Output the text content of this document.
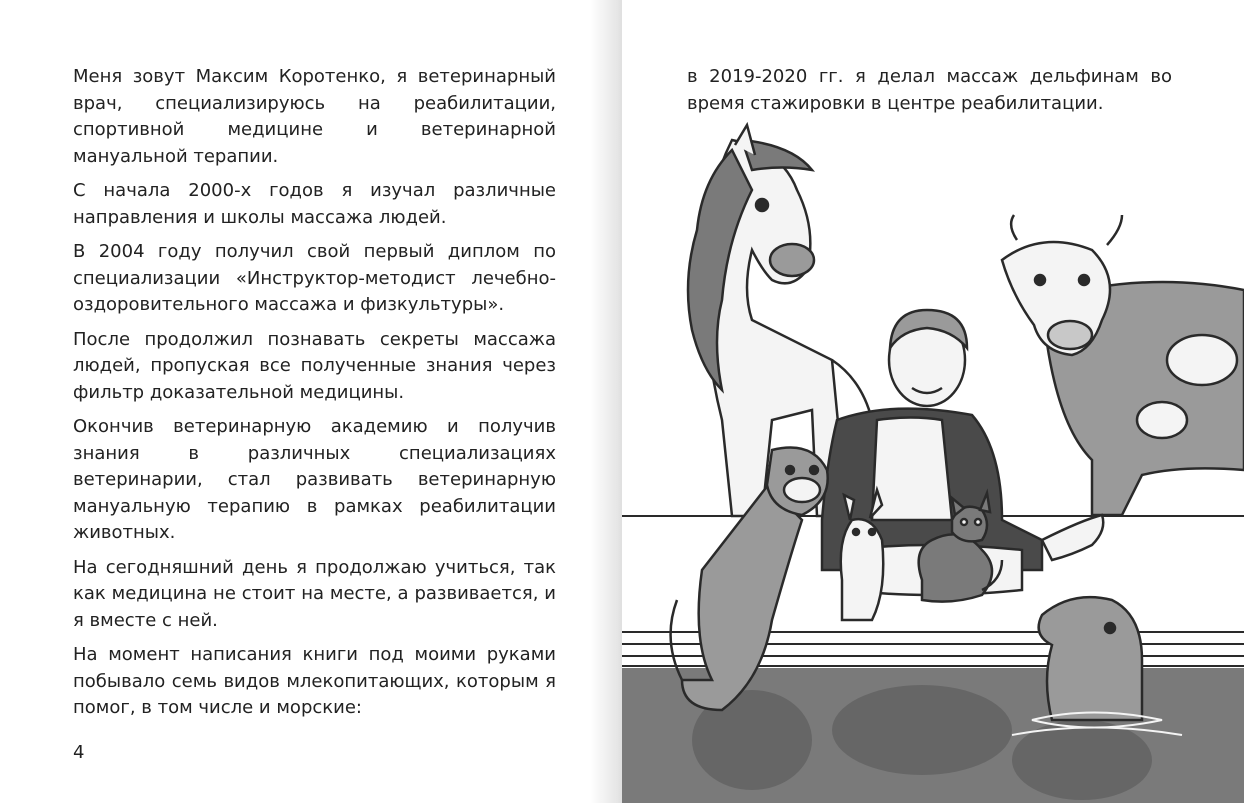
Меня зовут Максим Коротенко, я ветеринарный врач, специализируюсь на реабилитации, спортивной медицине и ветеринарной мануальной терапии.

С начала 2000-х годов я изучал различные направления и школы массажа людей.

В 2004 году получил свой первый диплом по специализации «Инструктор-методист лечебно-оздоровительного массажа и физкультуры».

После продолжил познавать секреты массажа людей, пропуская все полученные знания через фильтр доказательной медицины.

Окончив ветеринарную академию и получив знания в различных специализациях ветеринарии, стал развивать ветеринарную мануальную терапию в рамках реабилитации животных.

На сегодняшний день я продолжаю учиться, так как медицина не стоит на месте, а развивается, и я вместе с ней.

На момент написания книги под моими руками побывало семь видов млекопитающих, которым я помог, в том числе и морские:

4

в 2019-2020 гг. я делал массаж дельфинам во время стажировки в центре реабилитации.
